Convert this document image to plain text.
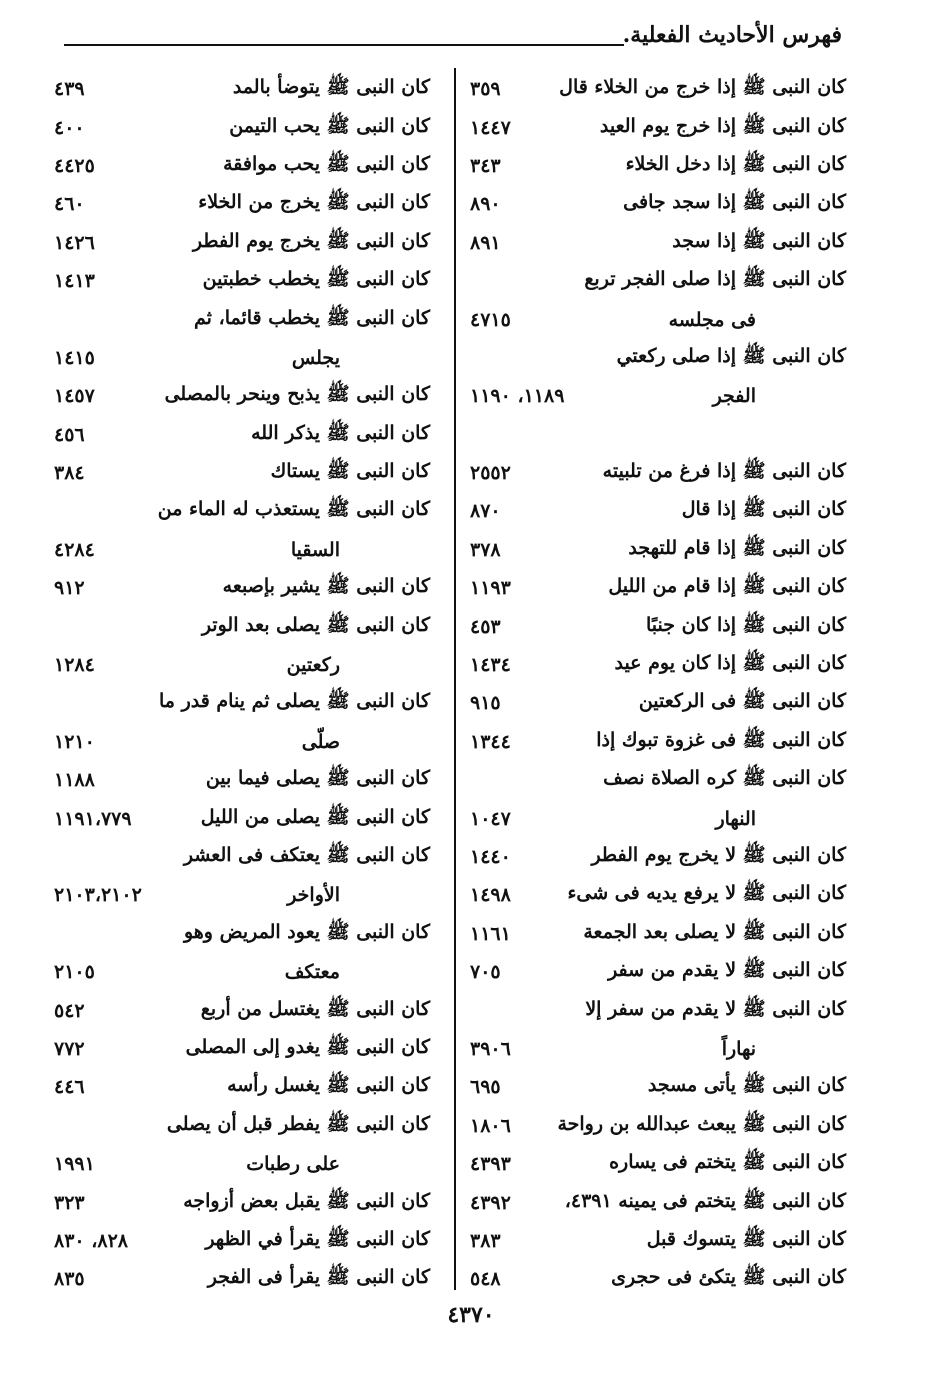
فهرس الأحاديث الفعلية.
كان النبى ﷺ إذا خرج من الخلاء قال
٣٥٩
كان النبى ﷺ إذا خرج يوم العيد
١٤٤٧
كان النبى ﷺ إذا دخل الخلاء
٣٤٣
كان النبى ﷺ إذا سجد جافى
٨٩٠
كان النبى ﷺ إذا سجد
٨٩١
كان النبى ﷺ إذا صلى الفجر تربع
فى مجلسه
٤٧١٥
كان النبى ﷺ إذا صلى ركعتي
الفجر
١١٨٩، ١١٩٠
كان النبى ﷺ إذا فرغ من تلبيته
٢٥٥٢
كان النبى ﷺ إذا قال
٨٧٠
كان النبى ﷺ إذا قام للتهجد
٣٧٨
كان النبى ﷺ إذا قام من الليل
١١٩٣
كان النبى ﷺ إذا كان جنبًا
٤٥٣
كان النبى ﷺ إذا كان يوم عيد
١٤٣٤
كان النبى ﷺ فى الركعتين
٩١٥
كان النبى ﷺ فى غزوة تبوك إذا
١٣٤٤
كان النبى ﷺ كره الصلاة نصف
النهار
١٠٤٧
كان النبى ﷺ لا يخرج يوم الفطر
١٤٤٠
كان النبى ﷺ لا يرفع يديه فى شىء
١٤٩٨
كان النبى ﷺ لا يصلى بعد الجمعة
١١٦١
كان النبى ﷺ لا يقدم من سفر
٧٠٥
كان النبى ﷺ لا يقدم من سفر إلا
نهاراً
٣٩٠٦
كان النبى ﷺ يأتى مسجد
٦٩٥
كان النبى ﷺ يبعث عبدالله بن رواحة
١٨٠٦
كان النبى ﷺ يتختم فى يساره
٤٣٩٣
كان النبى ﷺ يتختم فى يمينه ٤٣٩١،
٤٣٩٢
كان النبى ﷺ يتسوك قبل
٣٨٣
كان النبى ﷺ يتكئ فى حجرى
٥٤٨
كان النبى ﷺ يتوضأ بالمد
٤٣٩
كان النبى ﷺ يحب التيمن
٤٠٠
كان النبى ﷺ يحب موافقة
٤٤٢٥
كان النبى ﷺ يخرج من الخلاء
٤٦٠
كان النبى ﷺ يخرج يوم الفطر
١٤٢٦
كان النبى ﷺ يخطب خطبتين
١٤١٣
كان النبى ﷺ يخطب قائما، ثم
يجلس
١٤١٥
كان النبى ﷺ يذبح وينحر بالمصلى
١٤٥٧
كان النبى ﷺ يذكر الله
٤٥٦
كان النبى ﷺ يستاك
٣٨٤
كان النبى ﷺ يستعذب له الماء من
السقيا
٤٢٨٤
كان النبى ﷺ يشير بإصبعه
٩١٢
كان النبى ﷺ يصلى بعد الوتر
ركعتين
١٢٨٤
كان النبى ﷺ يصلى ثم ينام قدر ما
صلّى
١٢١٠
كان النبى ﷺ يصلى فيما بين
١١٨٨
كان النبى ﷺ يصلى من الليل
١١٩١،٧٧٩
كان النبى ﷺ يعتكف فى العشر
الأواخر
٢١٠٣،٢١٠٢
كان النبى ﷺ يعود المريض وهو
معتكف
٢١٠٥
كان النبى ﷺ يغتسل من أربع
٥٤٢
كان النبى ﷺ يغدو إلى المصلى
٧٧٢
كان النبى ﷺ يغسل رأسه
٤٤٦
كان النبى ﷺ يفطر قبل أن يصلى
على رطبات
١٩٩١
كان النبى ﷺ يقبل بعض أزواجه
٣٢٣
كان النبى ﷺ يقرأ في الظهر
٨٢٨، ٨٣٠
كان النبى ﷺ يقرأ فى الفجر
٨٣٥
٤٣٧٠
